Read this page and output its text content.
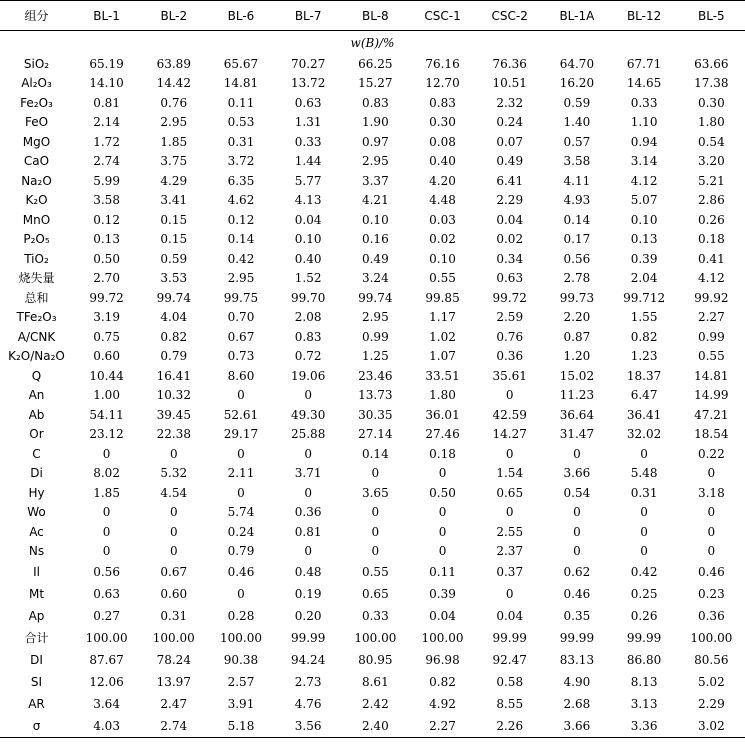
组分	BL-1	BL-2	BL-6	BL-7	BL-8	CSC-1	CSC-2	BL-1A	BL-12	BL-5
w(B)/%										
SiO₂	65.19	63.89	65.67	70.27	66.25	76.16	76.36	64.70	67.71	63.66
Al₂O₃	14.10	14.42	14.81	13.72	15.27	12.70	10.51	16.20	14.65	17.38
Fe₂O₃	0.81	0.76	0.11	0.63	0.83	0.83	2.32	0.59	0.33	0.30
FeO	2.14	2.95	0.53	1.31	1.90	0.30	0.24	1.40	1.10	1.80
MgO	1.72	1.85	0.31	0.33	0.97	0.08	0.07	0.57	0.94	0.54
CaO	2.74	3.75	3.72	1.44	2.95	0.40	0.49	3.58	3.14	3.20
Na₂O	5.99	4.29	6.35	5.77	3.37	4.20	6.41	4.11	4.12	5.21
K₂O	3.58	3.41	4.62	4.13	4.21	4.48	2.29	4.93	5.07	2.86
MnO	0.12	0.15	0.12	0.04	0.10	0.03	0.04	0.14	0.10	0.26
P₂O₅	0.13	0.15	0.14	0.10	0.16	0.02	0.02	0.17	0.13	0.18
TiO₂	0.50	0.59	0.42	0.40	0.49	0.10	0.34	0.56	0.39	0.41
烧失量	2.70	3.53	2.95	1.52	3.24	0.55	0.63	2.78	2.04	4.12
总和	99.72	99.74	99.75	99.70	99.74	99.85	99.72	99.73	99.712	99.92
TFe₂O₃	3.19	4.04	0.70	2.08	2.95	1.17	2.59	2.20	1.55	2.27
A/CNK	0.75	0.82	0.67	0.83	0.99	1.02	0.76	0.87	0.82	0.99
K₂O/Na₂O	0.60	0.79	0.73	0.72	1.25	1.07	0.36	1.20	1.23	0.55
Q	10.44	16.41	8.60	19.06	23.46	33.51	35.61	15.02	18.37	14.81
An	1.00	10.32	0	0	13.73	1.80	0	11.23	6.47	14.99
Ab	54.11	39.45	52.61	49.30	30.35	36.01	42.59	36.64	36.41	47.21
Or	23.12	22.38	29.17	25.88	27.14	27.46	14.27	31.47	32.02	18.54
C	0	0	0	0	0.14	0.18	0	0	0	0.22
Di	8.02	5.32	2.11	3.71	0	0	1.54	3.66	5.48	0
Hy	1.85	4.54	0	0	3.65	0.50	0.65	0.54	0.31	3.18
Wo	0	0	5.74	0.36	0	0	0	0	0	0
Ac	0	0	0.24	0.81	0	0	2.55	0	0	0
Ns	0	0	0.79	0	0	0	2.37	0	0	0
Il	0.56	0.67	0.46	0.48	0.55	0.11	0.37	0.62	0.42	0.46
Mt	0.63	0.60	0	0.19	0.65	0.39	0	0.46	0.25	0.23
Ap	0.27	0.31	0.28	0.20	0.33	0.04	0.04	0.35	0.26	0.36
合计	100.00	100.00	100.00	99.99	100.00	100.00	99.99	99.99	99.99	100.00
DI	87.67	78.24	90.38	94.24	80.95	96.98	92.47	83.13	86.80	80.56
SI	12.06	13.97	2.57	2.73	8.61	0.82	0.58	4.90	8.13	5.02
AR	3.64	2.47	3.91	4.76	2.42	4.92	8.55	2.68	3.13	2.29
σ	4.03	2.74	5.18	3.56	2.40	2.27	2.26	3.66	3.36	3.02
